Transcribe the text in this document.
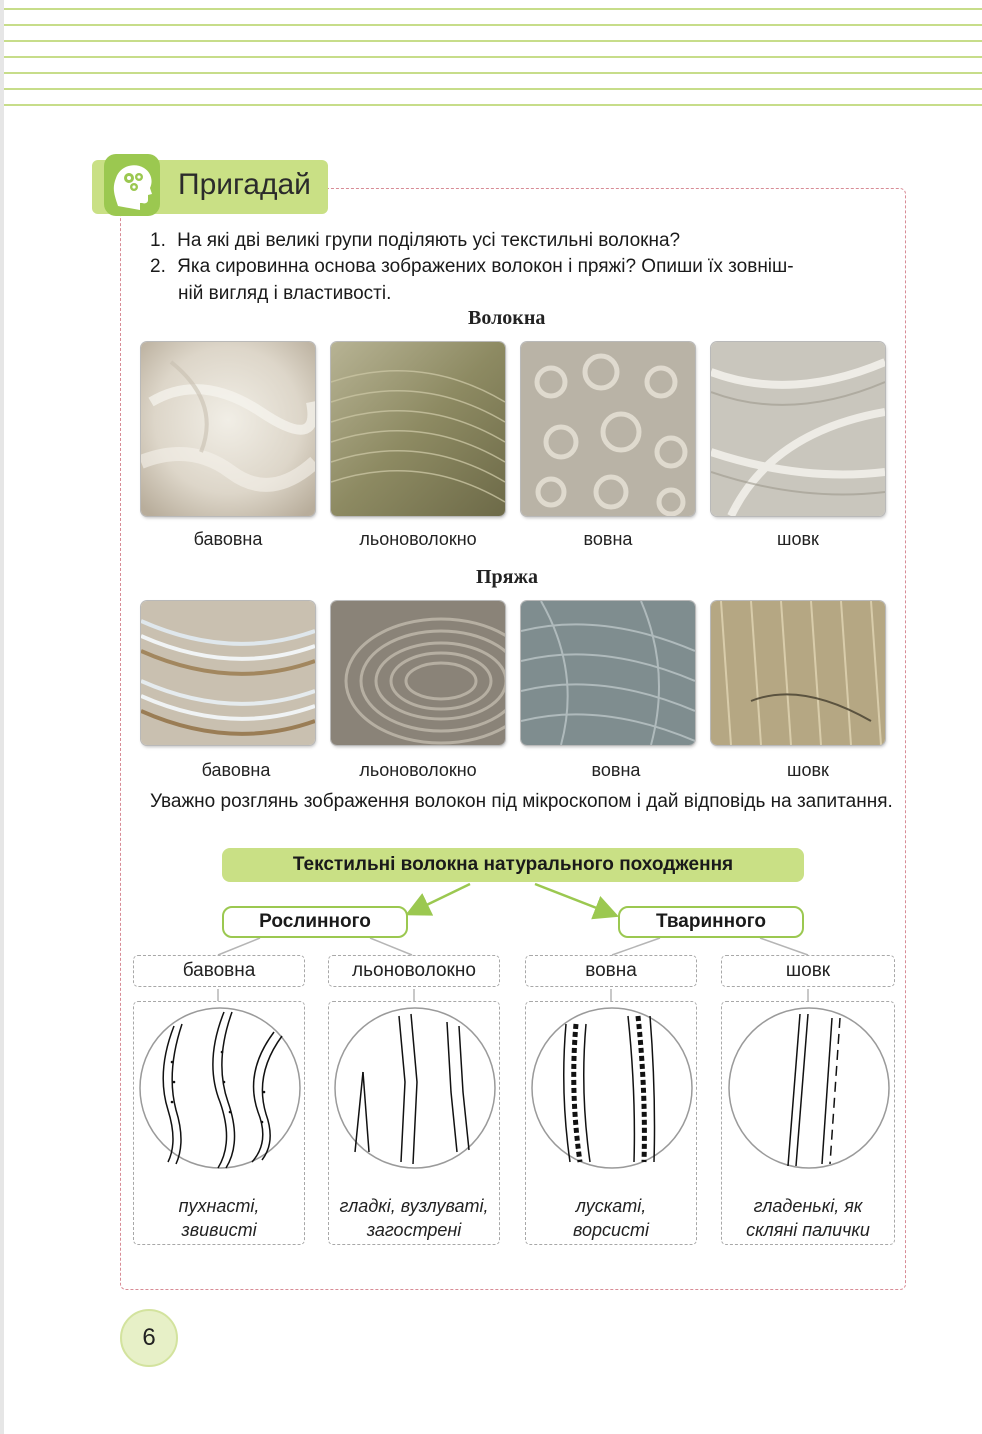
Пригадай
1. На які дві великі групи поділяють усі текстильні волокна?
2. Яка сировинна основа зображених волокон і пряжі? Опиши їх зовніш-
ній вигляд і властивості.
Волокна
бавовна	льоноволокно	вовна	шовк
Пряжа
бавовна	льоноволокно	вовна	шовк
Уважно розглянь зображення волокон під мікроскопом і дай відповідь на запитання.
Текстильні волокна натурального походження
Рослинного	Тваринного
бавовна	льоноволокно	вовна	шовк
пухнасті,
звивисті
гладкі, вузлуваті,
загострені
лускаті,
ворсисті
гладенькі, як
скляні палички
6
